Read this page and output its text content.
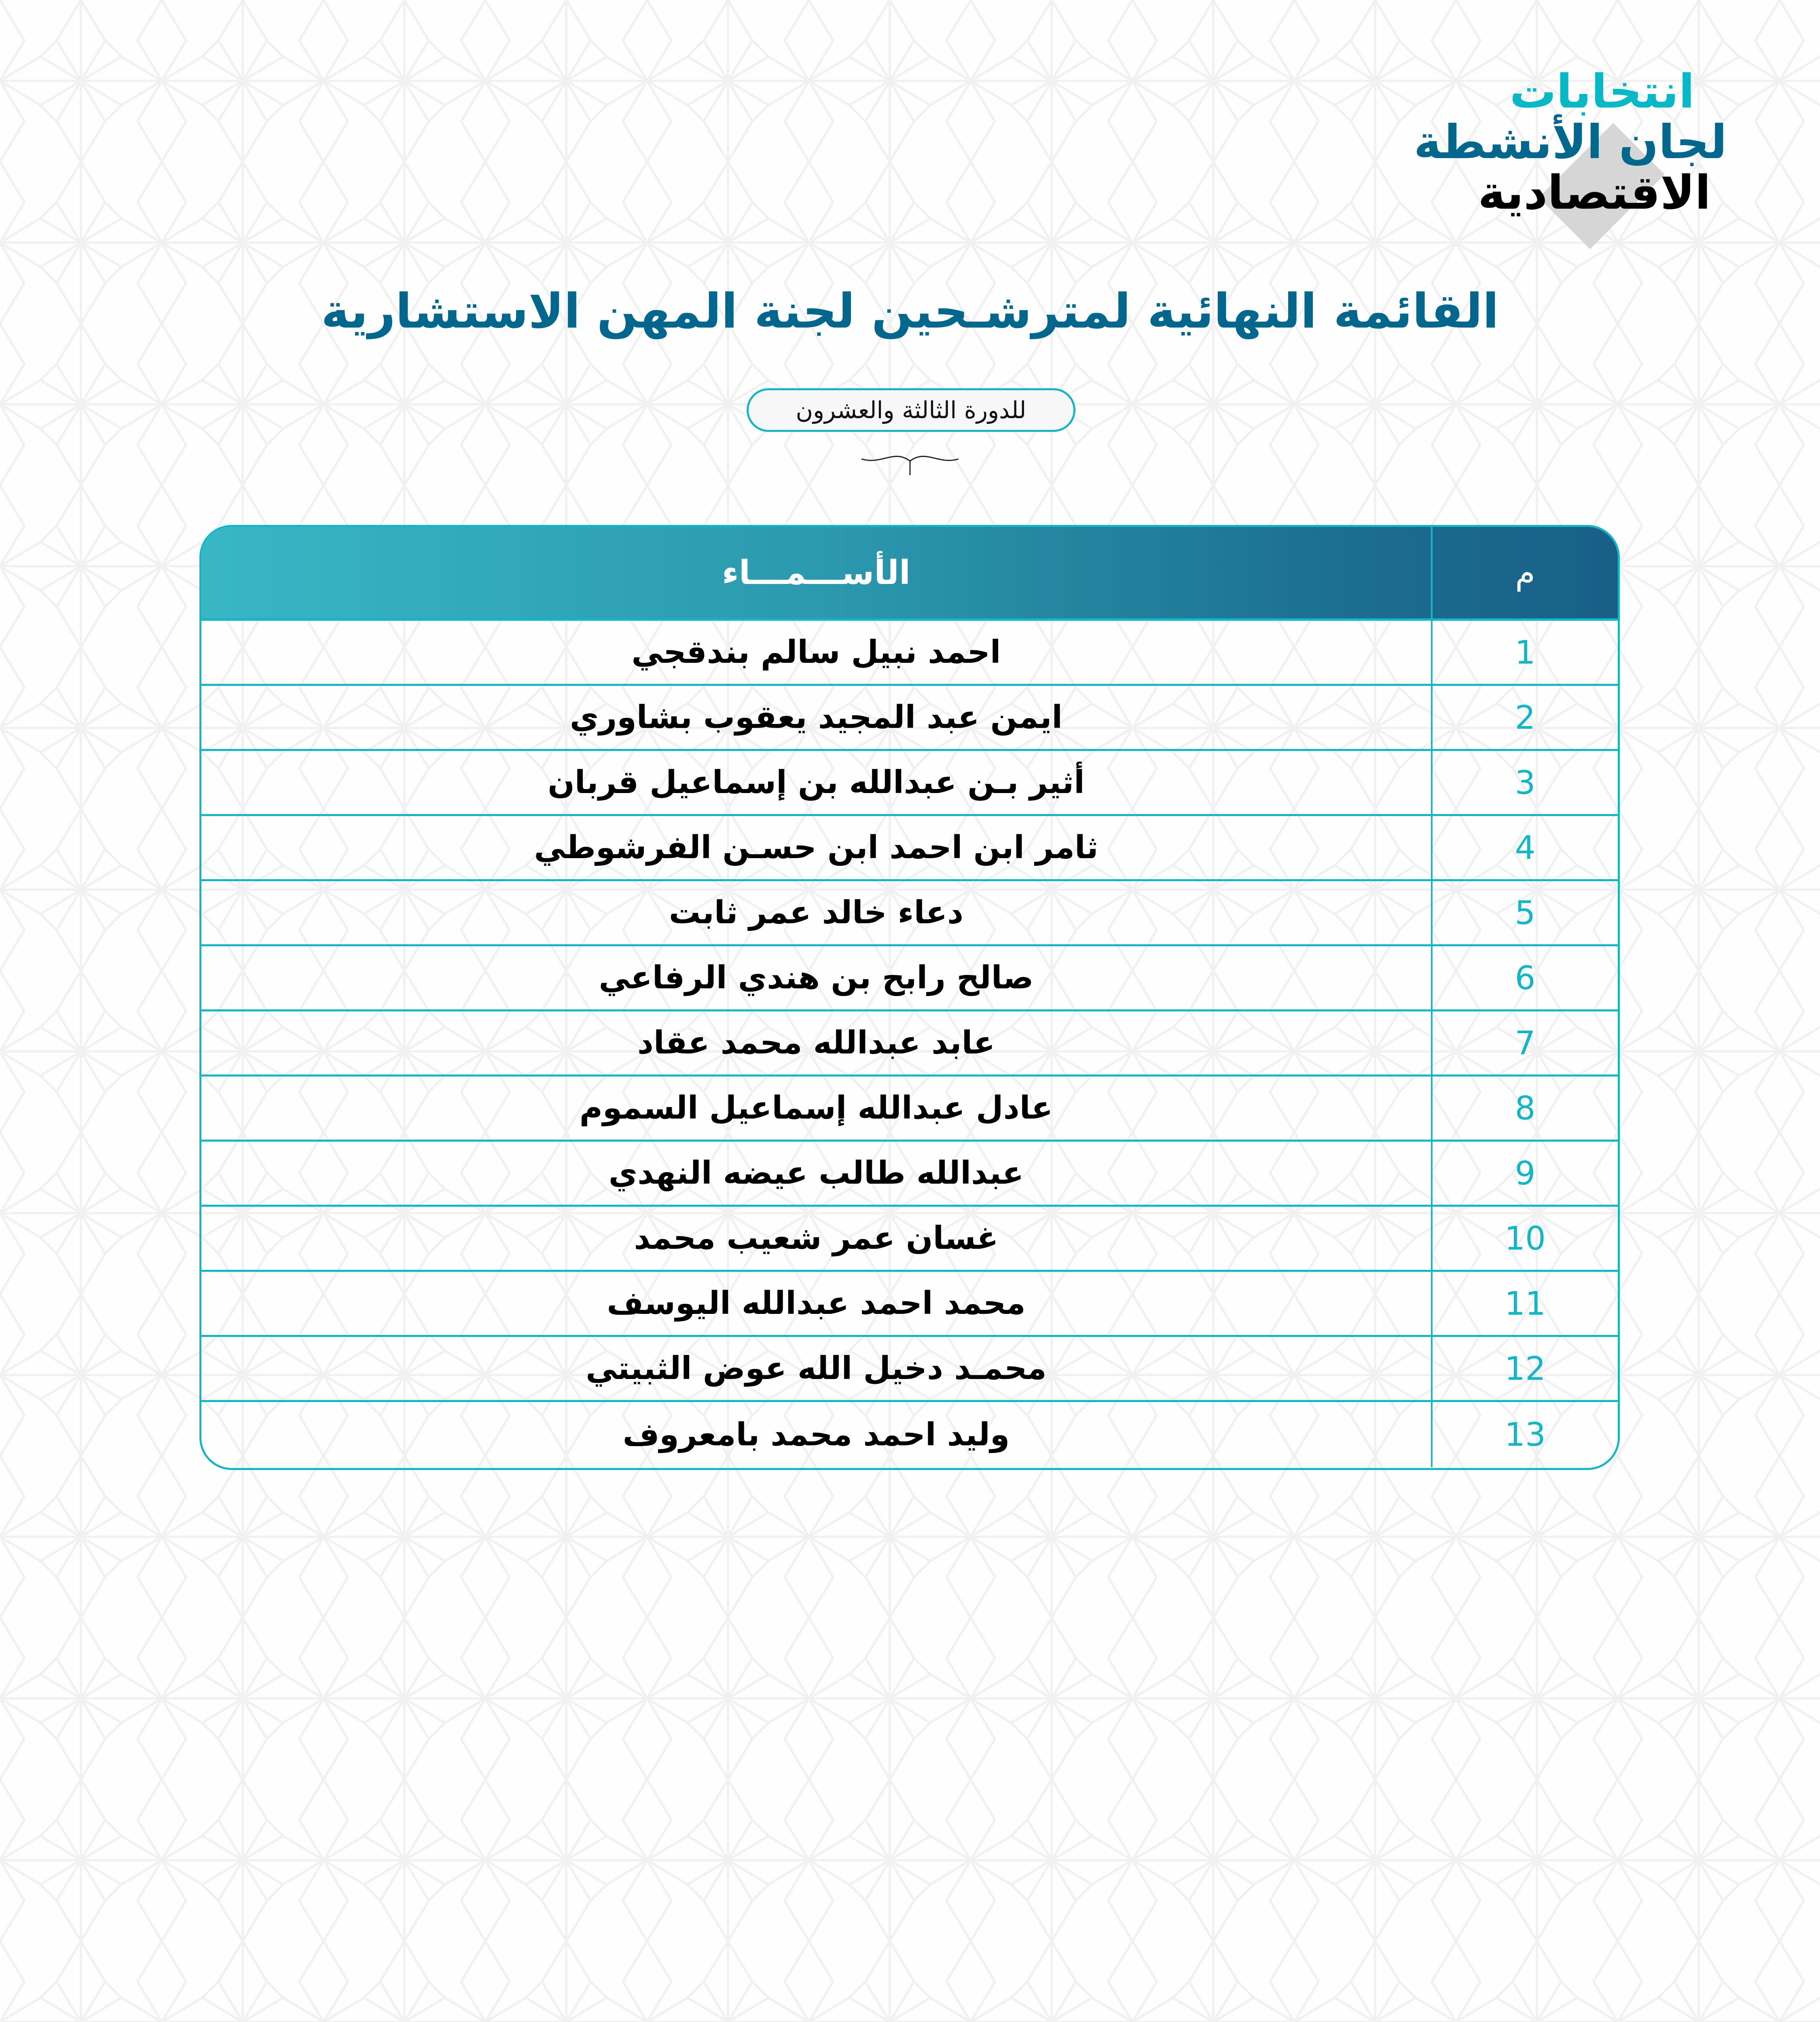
انتخابات
لجان الأنشطة
الاقتصادية
القائمة النهائية لمترشـحين لجنة المهن الاستشارية
للدورة الثالثة والعشرون
م
الأســـمـــاء
1
احمد نبيل سالم بندقجي
2
ايمن عبد المجيد يعقوب بشاوري
3
أثير بـن عبدالله بن إسماعيل قربان
4
ثامر ابن احمد ابن حسـن الفرشوطي
5
دعاء خالد عمر ثابت
6
صالح رابح بن هندي الرفاعي
7
عابد عبدالله محمد عقاد
8
عادل عبدالله إسماعيل السموم
9
عبدالله طالب عيضه النهدي
10
غسان عمر شعيب محمد
11
محمد احمد عبدالله اليوسف
12
محمـد دخيل الله عوض الثبيتي
13
وليد احمد محمد بامعروف
